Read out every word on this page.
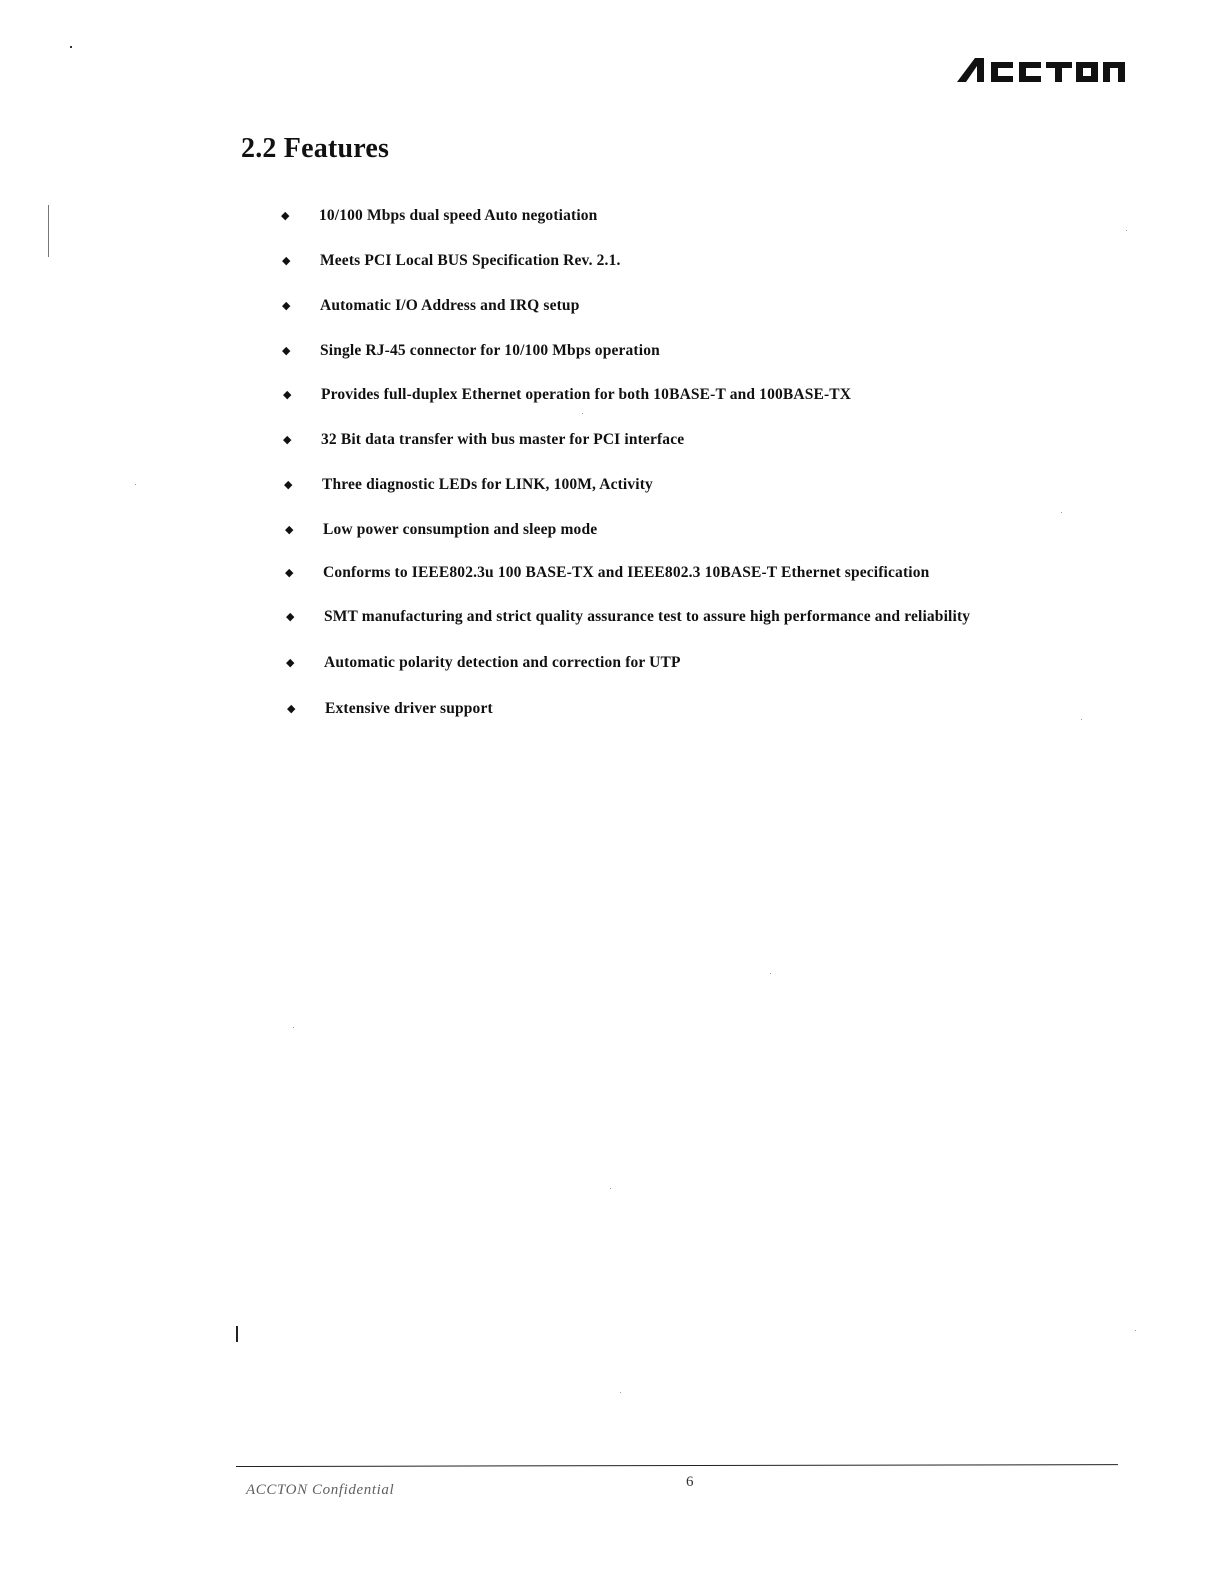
2.2 Features
◆ 10/100 Mbps dual speed Auto negotiation
◆ Meets PCI Local BUS Specification Rev. 2.1.
◆ Automatic I/O Address and IRQ setup
◆ Single RJ-45 connector for 10/100 Mbps operation
◆ Provides full-duplex Ethernet operation for both 10BASE-T and 100BASE-TX
◆ 32 Bit data transfer with bus master for PCI interface
◆ Three diagnostic LEDs for LINK, 100M, Activity
◆ Low power consumption and sleep mode
◆ Conforms to IEEE802.3u 100 BASE-TX and IEEE802.3 10BASE-T Ethernet specification
◆ SMT manufacturing and strict quality assurance test to assure high performance and reliability
◆ Automatic polarity detection and correction for UTP
◆ Extensive driver support
ACCTON Confidential	6
